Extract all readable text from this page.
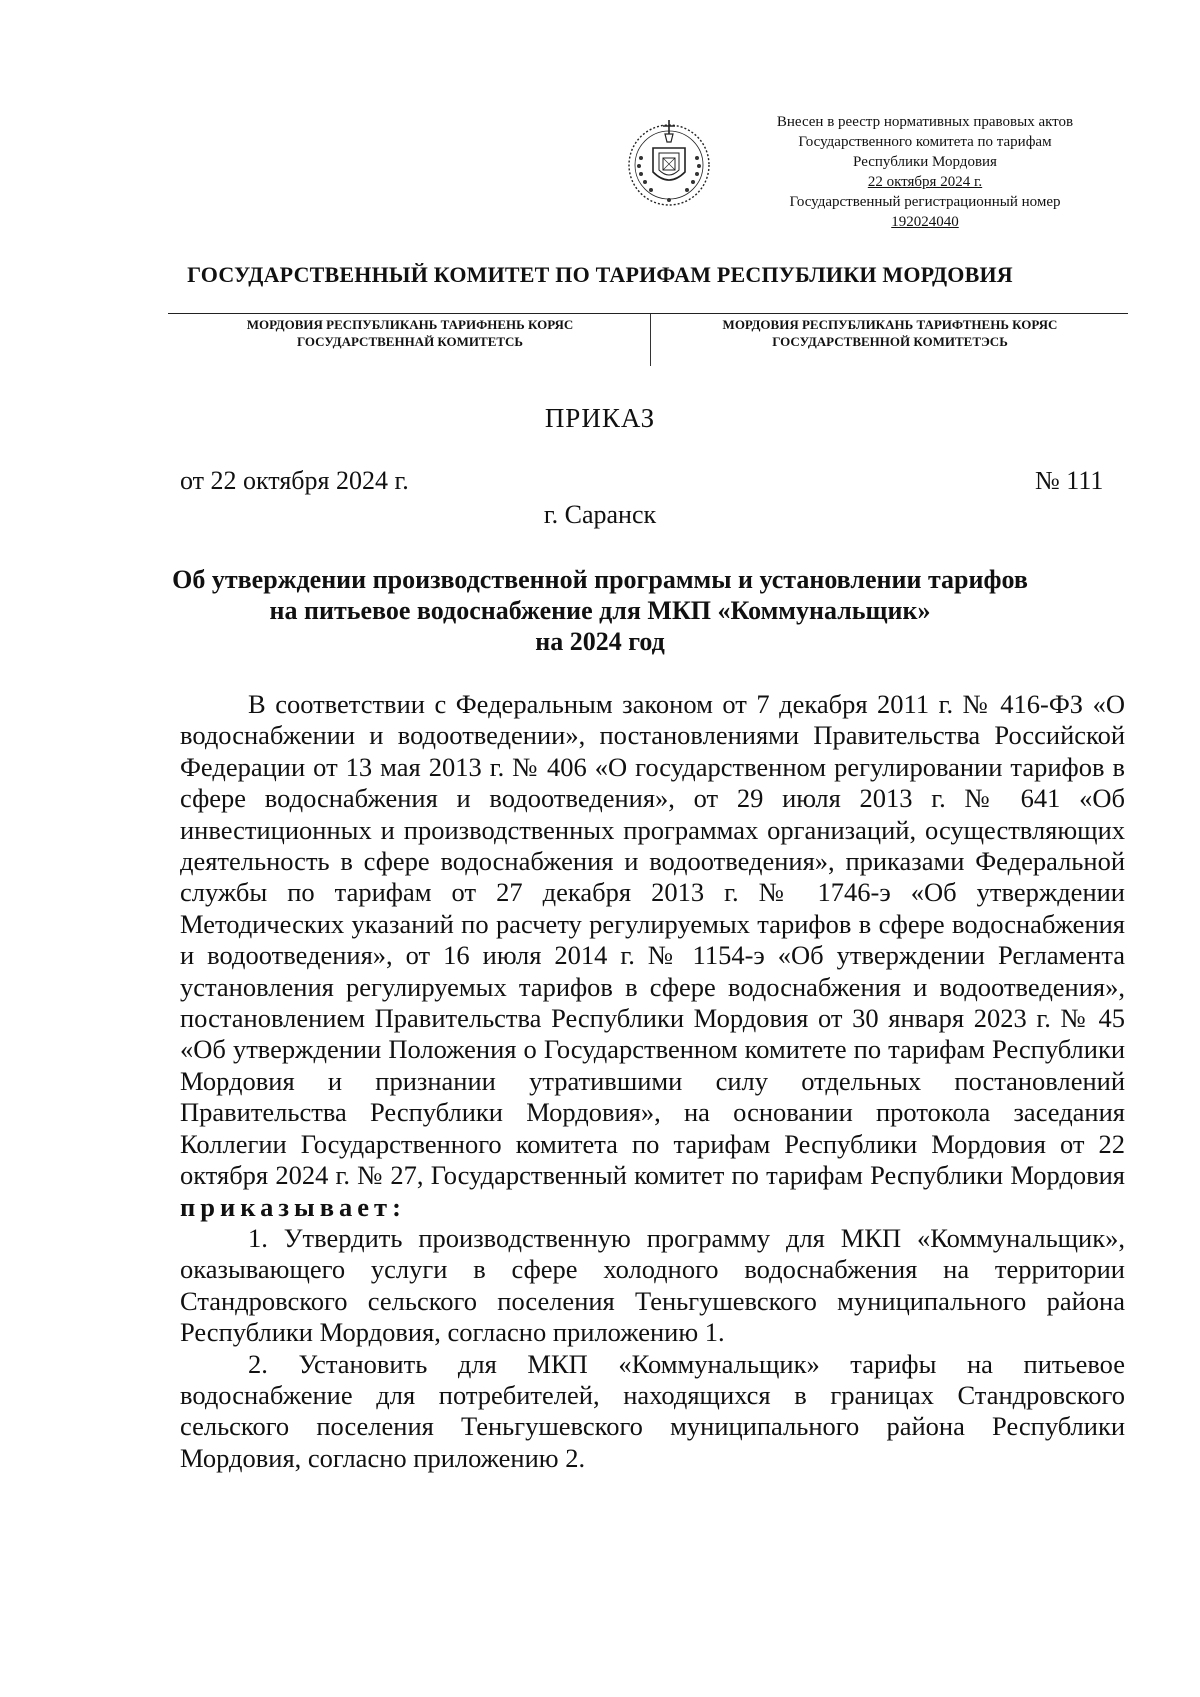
Внесен в реестр нормативных правовых актов
Государственного комитета по тарифам
Республики Мордовия
22 октября 2024 г.
Государственный регистрационный номер
192024040
ГОСУДАРСТВЕННЫЙ КОМИТЕТ ПО ТАРИФАМ РЕСПУБЛИКИ МОРДОВИЯ
МОРДОВИЯ РЕСПУБЛИКАНЬ ТАРИФНЕНЬ КОРЯС
ГОСУДАРСТВЕННАЙ КОМИТЕТСЬ
МОРДОВИЯ РЕСПУБЛИКАНЬ ТАРИФТНЕНЬ КОРЯС
ГОСУДАРСТВЕННОЙ КОМИТЕТЭСЬ
ПРИКАЗ
от 22 октября 2024 г.	№ 111
г. Саранск
Об утверждении производственной программы и установлении тарифов
на питьевое водоснабжение для МКП «Коммунальщик»
на 2024 год

В соответствии с Федеральным законом от 7 декабря 2011 г. № 416-ФЗ «О водоснабжении и водоотведении», постановлениями Правительства Российской Федерации от 13 мая 2013 г. № 406 «О государственном регулировании тарифов в сфере водоснабжения и водоотведения», от 29 июля 2013 г. № 641 «Об инвестиционных и производственных программах организаций, осуществляющих деятельность в сфере водоснабжения и водоотведения», приказами Федеральной службы по тарифам от 27 декабря 2013 г. № 1746-э «Об утверждении Методических указаний по расчету регулируемых тарифов в сфере водоснабжения и водоотведения», от 16 июля 2014 г. № 1154-э «Об утверждении Регламента установления регулируемых тарифов в сфере водоснабжения и водоотведения», постановлением Правительства Республики Мордовия от 30 января 2023 г. № 45 «Об утверждении Положения о Государственном комитете по тарифам Республики Мордовия и признании утратившими силу отдельных постановлений Правительства Республики Мордовия», на основании протокола заседания Коллегии Государственного комитета по тарифам Республики Мордовия от 22 октября 2024 г. № 27, Государственный комитет по тарифам Республики Мордовия приказывает:

1. Утвердить производственную программу для МКП «Коммунальщик», оказывающего услуги в сфере холодного водоснабжения на территории Стандровского сельского поселения Теньгушевского муниципального района Республики Мордовия, согласно приложению 1.

2. Установить для МКП «Коммунальщик» тарифы на питьевое водоснабжение для потребителей, находящихся в границах Стандровского сельского поселения Теньгушевского муниципального района Республики Мордовия, согласно приложению 2.
